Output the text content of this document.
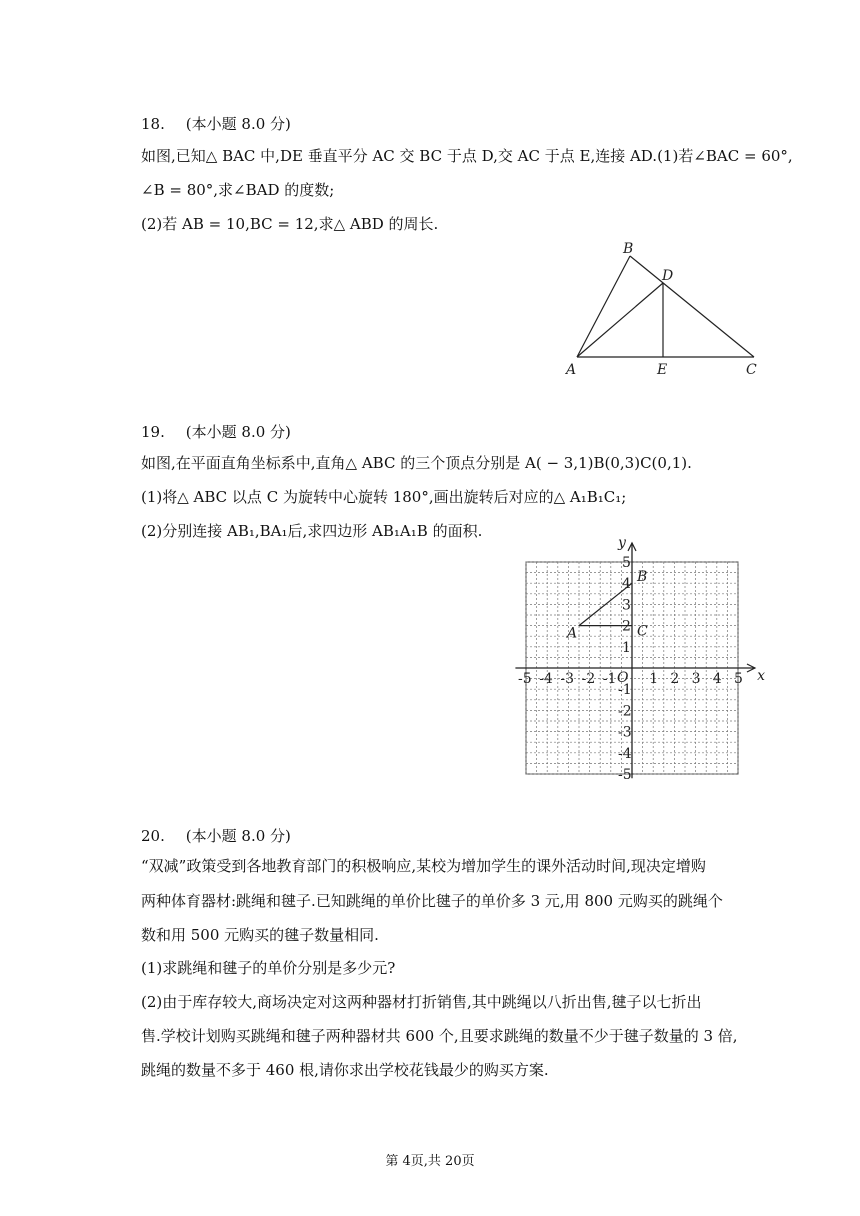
18. (本小题 8.0 分)
如图,已知△ BAC 中,DE 垂直平分 AC 交 BC 于点 D,交 AC 于点 E,连接 AD.(1)若∠BAC = 60°,
∠B = 80°,求∠BAD 的度数;
(2)若 AB = 10,BC = 12,求△ ABD 的周长.
B
D
A	E	C
19. (本小题 8.0 分)
如图,在平面直角坐标系中,直角△ ABC 的三个顶点分别是 A( − 3,1)B(0,3)C(0,1).
(1)将△ ABC 以点 C 为旋转中心旋转 180°,画出旋转后对应的△ A₁B₁C₁;
(2)分别连接 AB₁,BA₁后,求四边形 AB₁A₁B 的面积.
x
y
O
-5 -4 -3 -2 -1 1 2 3 4 5
5
4
3
2
1
-1
-2
-3
-4
-5
A
B
C
20. (本小题 8.0 分)
“双减”政策受到各地教育部门的积极响应,某校为增加学生的课外活动时间,现决定增购
两种体育器材:跳绳和毽子.已知跳绳的单价比毽子的单价多 3 元,用 800 元购买的跳绳个
数和用 500 元购买的毽子数量相同.
(1)求跳绳和毽子的单价分别是多少元?
(2)由于库存较大,商场决定对这两种器材打折销售,其中跳绳以八折出售,毽子以七折出
售.学校计划购买跳绳和毽子两种器材共 600 个,且要求跳绳的数量不少于毽子数量的 3 倍,
跳绳的数量不多于 460 根,请你求出学校花钱最少的购买方案.
第 4页,共 20页
